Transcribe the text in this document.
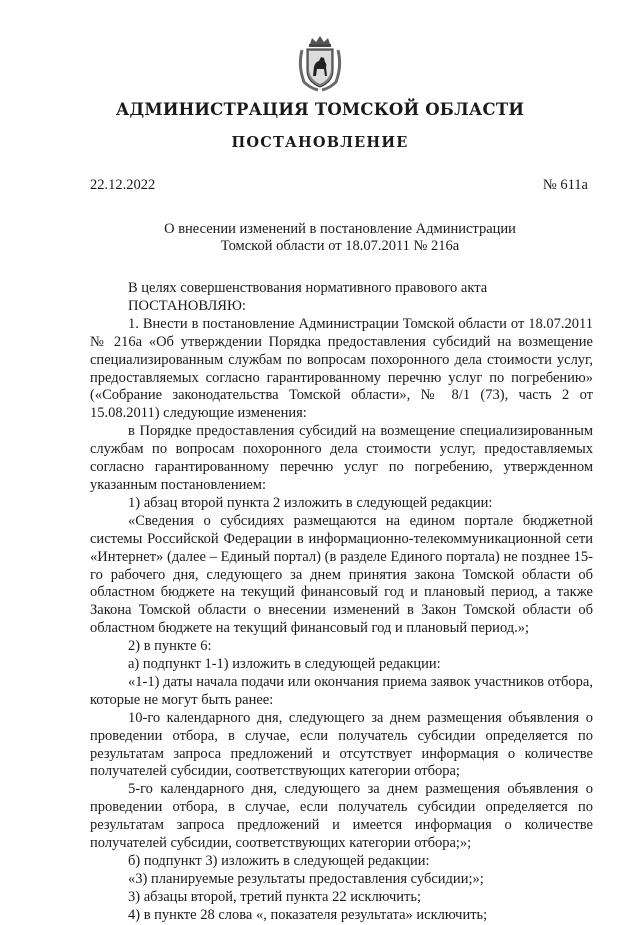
АДМИНИСТРАЦИЯ ТОМСКОЙ ОБЛАСТИ
ПОСТАНОВЛЕНИЕ
22.12.2022	№ 611а
О внесении изменений в постановление Администрации
Томской области от 18.07.2011 № 216а

В целях совершенствования нормативного правового акта

ПОСТАНОВЛЯЮ:

1. Внести в постановление Администрации Томской области от 18.07.2011 № 216а «Об утверждении Порядка предоставления субсидий на возмещение специализированным службам по вопросам похоронного дела стоимости услуг, предоставляемых согласно гарантированному перечню услуг по погребению» («Собрание законодательства Томской области», № 8/1 (73), часть 2 от 15.08.2011) следующие изменения:

в Порядке предоставления субсидий на возмещение специализированным службам по вопросам похоронного дела стоимости услуг, предоставляемых согласно гарантированному перечню услуг по погребению, утвержденном указанным постановлением:

1) абзац второй пункта 2 изложить в следующей редакции:

«Сведения о субсидиях размещаются на едином портале бюджетной системы Российской Федерации в информационно-телекоммуникационной сети «Интернет» (далее – Единый портал) (в разделе Единого портала) не позднее 15-го рабочего дня, следующего за днем принятия закона Томской области об областном бюджете на текущий финансовый год и плановый период, а также Закона Томской области о внесении изменений в Закон Томской области об областном бюджете на текущий финансовый год и плановый период.»;

2) в пункте 6:

а) подпункт 1-1) изложить в следующей редакции:

«1-1) даты начала подачи или окончания приема заявок участников отбора, которые не могут быть ранее:

10-го календарного дня, следующего за днем размещения объявления о проведении отбора, в случае, если получатель субсидии определяется по результатам запроса предложений и отсутствует информация о количестве получателей субсидии, соответствующих категории отбора;

5-го календарного дня, следующего за днем размещения объявления о проведении отбора, в случае, если получатель субсидии определяется по результатам запроса предложений и имеется информация о количестве получателей субсидии, соответствующих категории отбора;»;

б) подпункт 3) изложить в следующей редакции:

«3) планируемые результаты предоставления субсидии;»;

3) абзацы второй, третий пункта 22 исключить;

4) в пункте 28 слова «, показателя результата» исключить;
